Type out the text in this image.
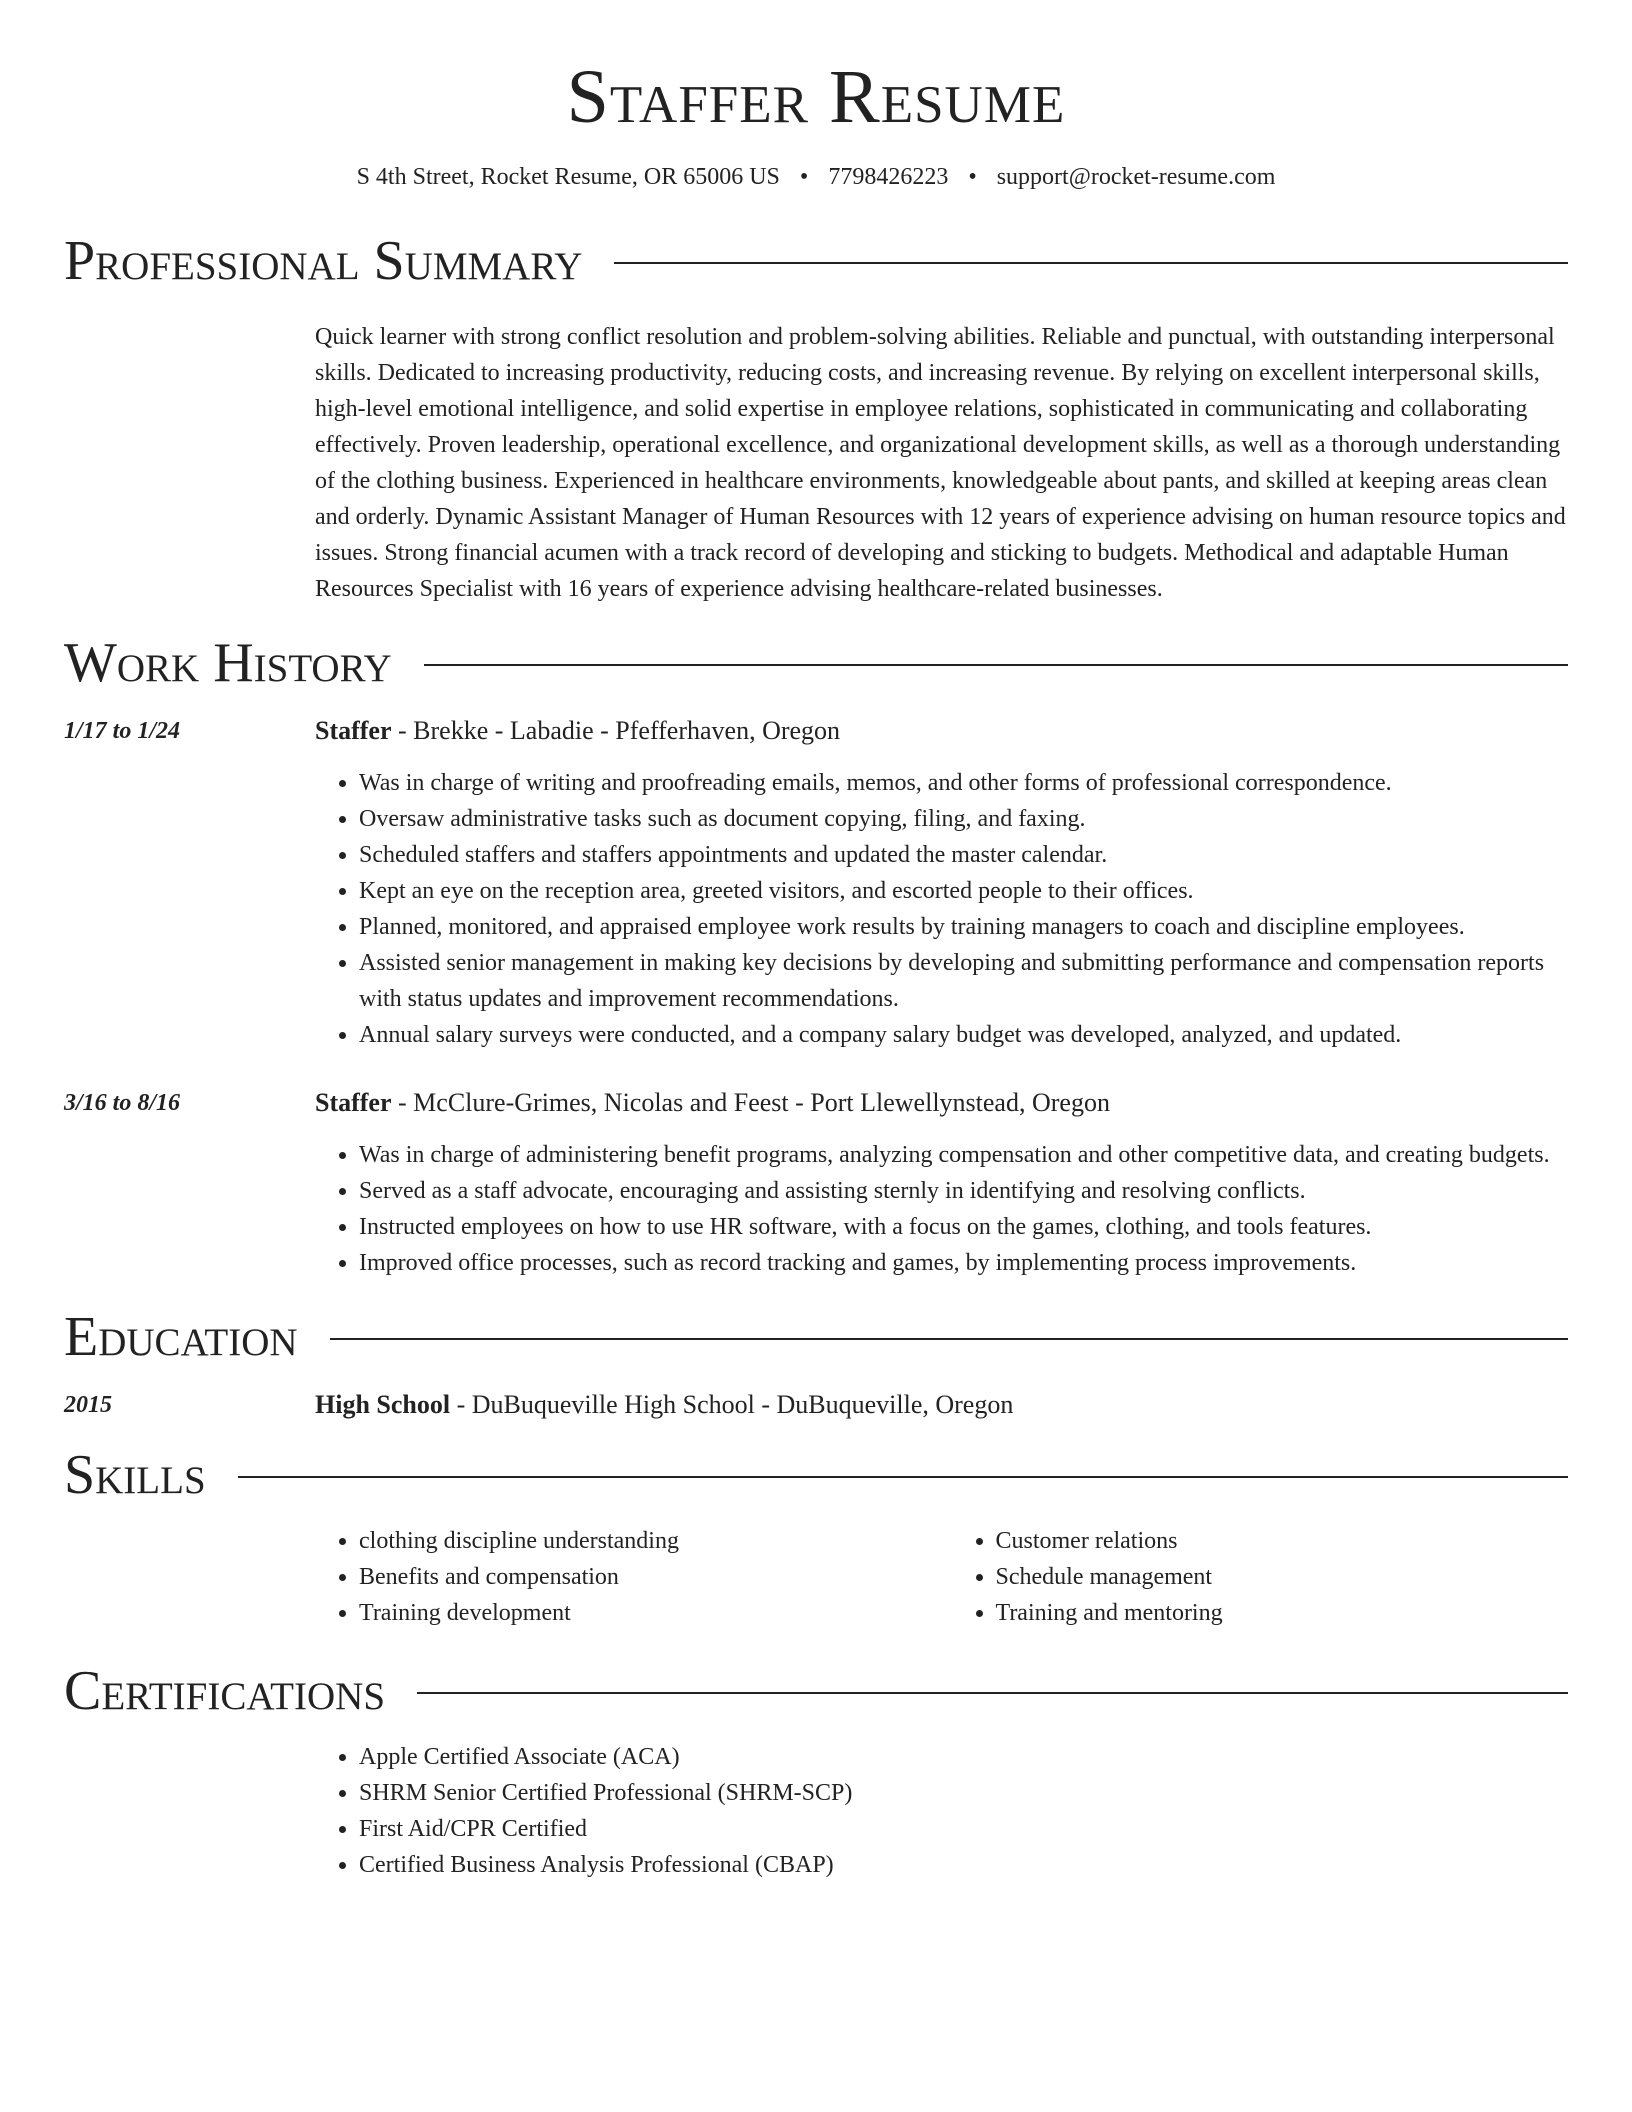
Staffer Resume
S 4th Street, Rocket Resume, OR 65006 US • 7798426223 • support@rocket-resume.com
Professional Summary
Quick learner with strong conflict resolution and problem-solving abilities. Reliable and punctual, with outstanding interpersonal skills. Dedicated to increasing productivity, reducing costs, and increasing revenue. By relying on excellent interpersonal skills, high-level emotional intelligence, and solid expertise in employee relations, sophisticated in communicating and collaborating effectively. Proven leadership, operational excellence, and organizational development skills, as well as a thorough understanding of the clothing business. Experienced in healthcare environments, knowledgeable about pants, and skilled at keeping areas clean and orderly. Dynamic Assistant Manager of Human Resources with 12 years of experience advising on human resource topics and issues. Strong financial acumen with a track record of developing and sticking to budgets. Methodical and adaptable Human Resources Specialist with 16 years of experience advising healthcare-related businesses.
Work History
1/17 to 1/24	Staffer - Brekke - Labadie - Pfefferhaven, Oregon
• Was in charge of writing and proofreading emails, memos, and other forms of professional correspondence.
• Oversaw administrative tasks such as document copying, filing, and faxing.
• Scheduled staffers and staffers appointments and updated the master calendar.
• Kept an eye on the reception area, greeted visitors, and escorted people to their offices.
• Planned, monitored, and appraised employee work results by training managers to coach and discipline employees.
• Assisted senior management in making key decisions by developing and submitting performance and compensation reports with status updates and improvement recommendations.
• Annual salary surveys were conducted, and a company salary budget was developed, analyzed, and updated.
3/16 to 8/16	Staffer - McClure-Grimes, Nicolas and Feest - Port Llewellynstead, Oregon
• Was in charge of administering benefit programs, analyzing compensation and other competitive data, and creating budgets.
• Served as a staff advocate, encouraging and assisting sternly in identifying and resolving conflicts.
• Instructed employees on how to use HR software, with a focus on the games, clothing, and tools features.
• Improved office processes, such as record tracking and games, by implementing process improvements.
Education
2015	High School - DuBuqueville High School - DuBuqueville, Oregon
Skills
• clothing discipline understanding
• Benefits and compensation
• Training development
• Customer relations
• Schedule management
• Training and mentoring
Certifications
• Apple Certified Associate (ACA)
• SHRM Senior Certified Professional (SHRM-SCP)
• First Aid/CPR Certified
• Certified Business Analysis Professional (CBAP)
